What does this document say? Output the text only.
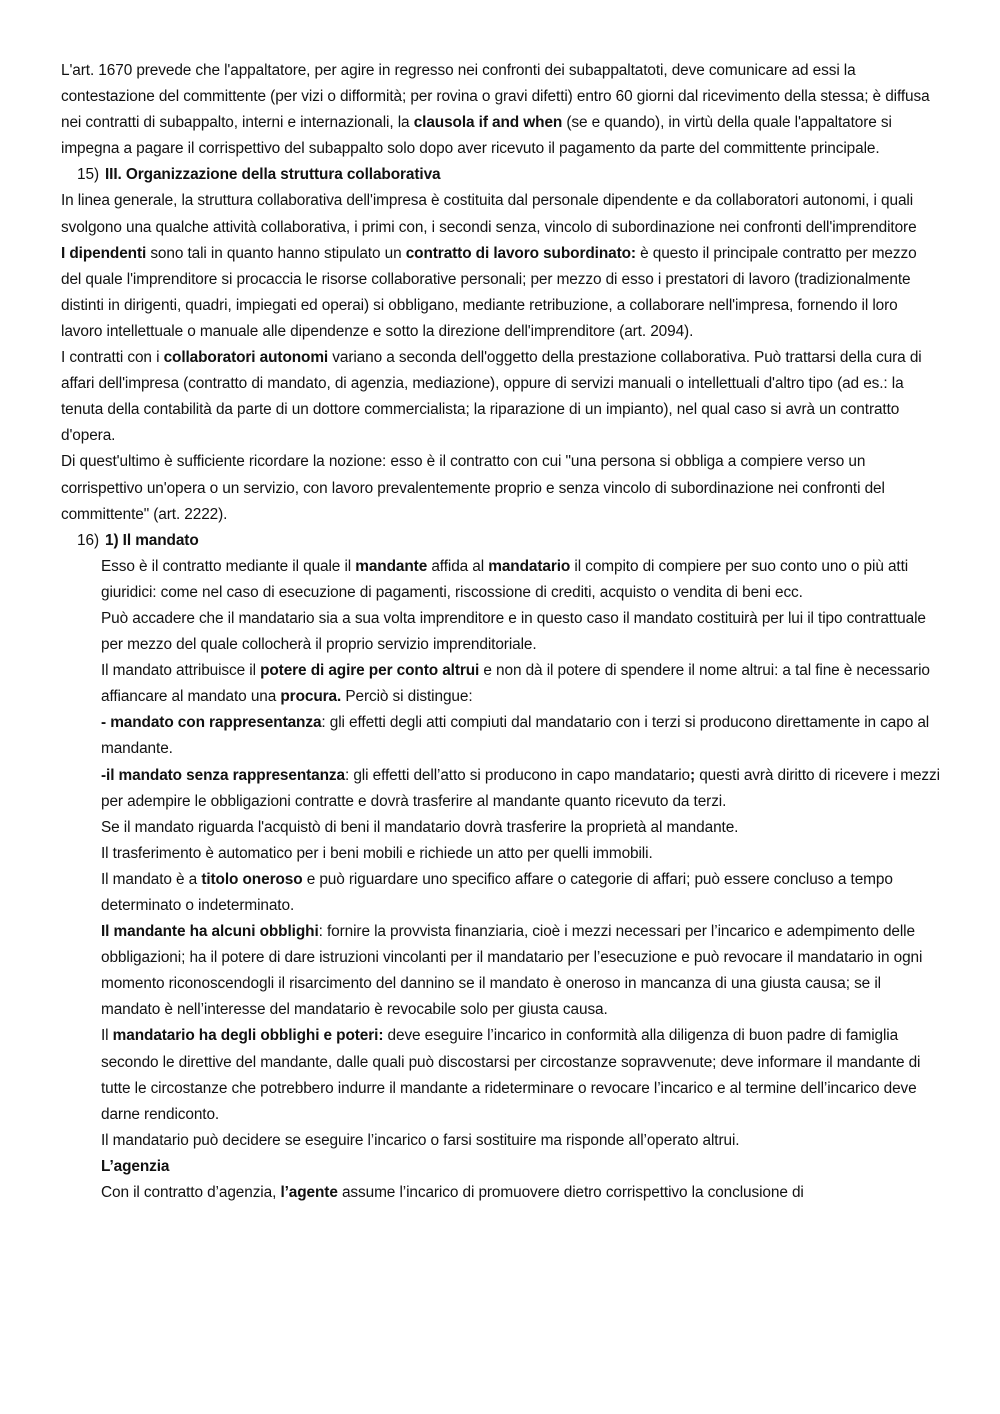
L'art. 1670 prevede che l'appaltatore, per agire in regresso nei confronti dei subappaltatoti, deve comunicare ad essi la contestazione del committente (per vizi o difformità; per rovina o gravi difetti) entro 60 giorni dal ricevimento della stessa; è diffusa nei contratti di subappalto, interni e internazionali, la clausola if and when (se e quando), in virtù della quale l'appaltatore si impegna a pagare il corrispettivo del subappalto solo dopo aver ricevuto il pagamento da parte del committente principale.

15) III. Organizzazione della struttura collaborativa

In linea generale, la struttura collaborativa dell'impresa è costituita dal personale dipendente e da collaboratori autonomi, i quali svolgono una qualche attività collaborativa, i primi con, i secondi senza, vincolo di subordinazione nei confronti dell'imprenditore

I dipendenti sono tali in quanto hanno stipulato un contratto di lavoro subordinato: è questo il principale contratto per mezzo del quale l'imprenditore si procaccia le risorse collaborative personali; per mezzo di esso i prestatori di lavoro (tradizionalmente distinti in dirigenti, quadri, impiegati ed operai) si obbligano, mediante retribuzione, a collaborare nell'impresa, fornendo il loro lavoro intellettuale o manuale alle dipendenze e sotto la direzione dell'imprenditore (art. 2094).

I contratti con i collaboratori autonomi variano a seconda dell'oggetto della prestazione collaborativa. Può trattarsi della cura di affari dell'impresa (contratto di mandato, di agenzia, mediazione), oppure di servizi manuali o intellettuali d'altro tipo (ad es.: la tenuta della contabilità da parte di un dottore commercialista; la riparazione di un impianto), nel qual caso si avrà un contratto d'opera.

Di quest'ultimo è sufficiente ricordare la nozione: esso è il contratto con cui "una persona si obbliga a compiere verso un corrispettivo un'opera o un servizio, con lavoro prevalentemente proprio e senza vincolo di subordinazione nei confronti del committente" (art. 2222).

16) 1) Il mandato

Esso è il contratto mediante il quale il mandante affida al mandatario il compito di compiere per suo conto uno o più atti giuridici: come nel caso di esecuzione di pagamenti, riscossione di crediti, acquisto o vendita di beni ecc.

Può accadere che il mandatario sia a sua volta imprenditore e in questo caso il mandato costituirà per lui il tipo contrattuale per mezzo del quale collocherà il proprio servizio imprenditoriale.

Il mandato attribuisce il potere di agire per conto altrui e non dà il potere di spendere il nome altrui: a tal fine è necessario affiancare al mandato una procura. Perciò si distingue:

- mandato con rappresentanza: gli effetti degli atti compiuti dal mandatario con i terzi si producono direttamente in capo al mandante.

-il mandato senza rappresentanza: gli effetti dell’atto si producono in capo mandatario; questi avrà diritto di ricevere i mezzi per adempire le obbligazioni contratte e dovrà trasferire al mandante quanto ricevuto da terzi.

Se il mandato riguarda l'acquistò di beni il mandatario dovrà trasferire la proprietà al mandante.

Il trasferimento è automatico per i beni mobili e richiede un atto per quelli immobili.

Il mandato è a titolo oneroso e può riguardare uno specifico affare o categorie di affari; può essere concluso a tempo determinato o indeterminato.

Il mandante ha alcuni obblighi: fornire la provvista finanziaria, cioè i mezzi necessari per l’incarico e adempimento delle obbligazioni; ha il potere di dare istruzioni vincolanti per il mandatario per l’esecuzione e può revocare il mandatario in ogni momento riconoscendogli il risarcimento del dannino se il mandato è oneroso in mancanza di una giusta causa; se il mandato è nell’interesse del mandatario è revocabile solo per giusta causa.

Il mandatario ha degli obblighi e poteri: deve eseguire l’incarico in conformità alla diligenza di buon padre di famiglia secondo le direttive del mandante, dalle quali può discostarsi per circostanze sopravvenute; deve informare il mandante di tutte le circostanze che potrebbero indurre il mandante a rideterminare o revocare l’incarico e al termine dell’incarico deve darne rendiconto.

Il mandatario può decidere se eseguire l’incarico o farsi sostituire ma risponde all’operato altrui.

L’agenzia

Con il contratto d’agenzia, l’agente assume l’incarico di promuovere dietro corrispettivo la conclusione di
